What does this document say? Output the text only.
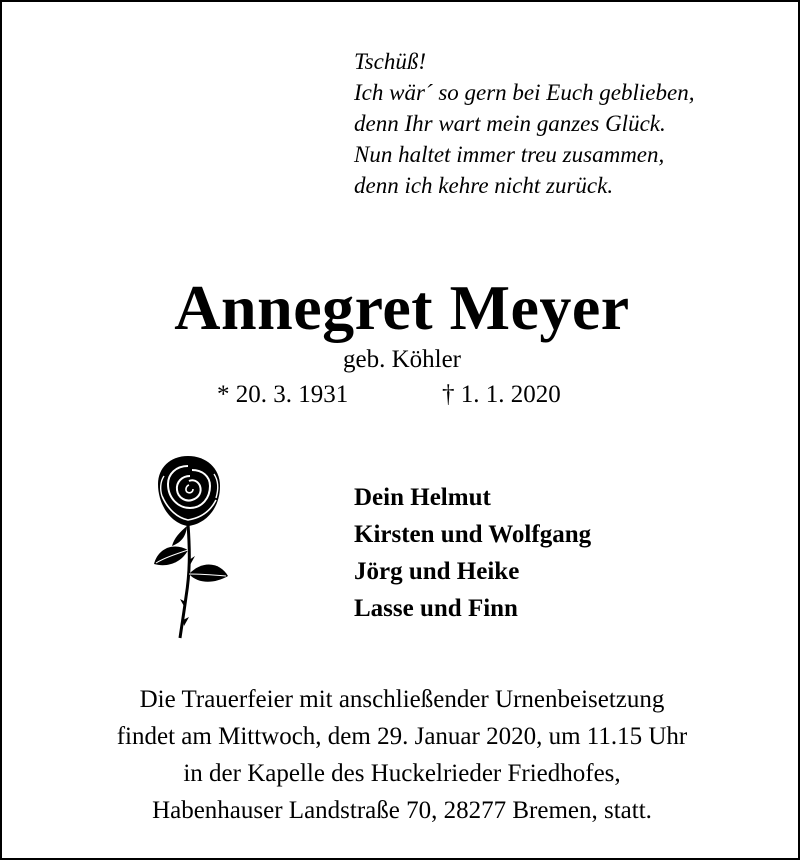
Tschüß!
Ich wär´ so gern bei Euch geblieben,
denn Ihr wart mein ganzes Glück.
Nun haltet immer treu zusammen,
denn ich kehre nicht zurück.
Annegret Meyer
geb. Köhler
* 20. 3. 1931	† 1. 1. 2020
Dein Helmut
Kirsten und Wolfgang
Jörg und Heike
Lasse und Finn
Die Trauerfeier mit anschließender Urnenbeisetzung
findet am Mittwoch, dem 29. Januar 2020, um 11.15 Uhr
in der Kapelle des Huckelrieder Friedhofes,
Habenhauser Landstraße 70, 28277 Bremen, statt.
